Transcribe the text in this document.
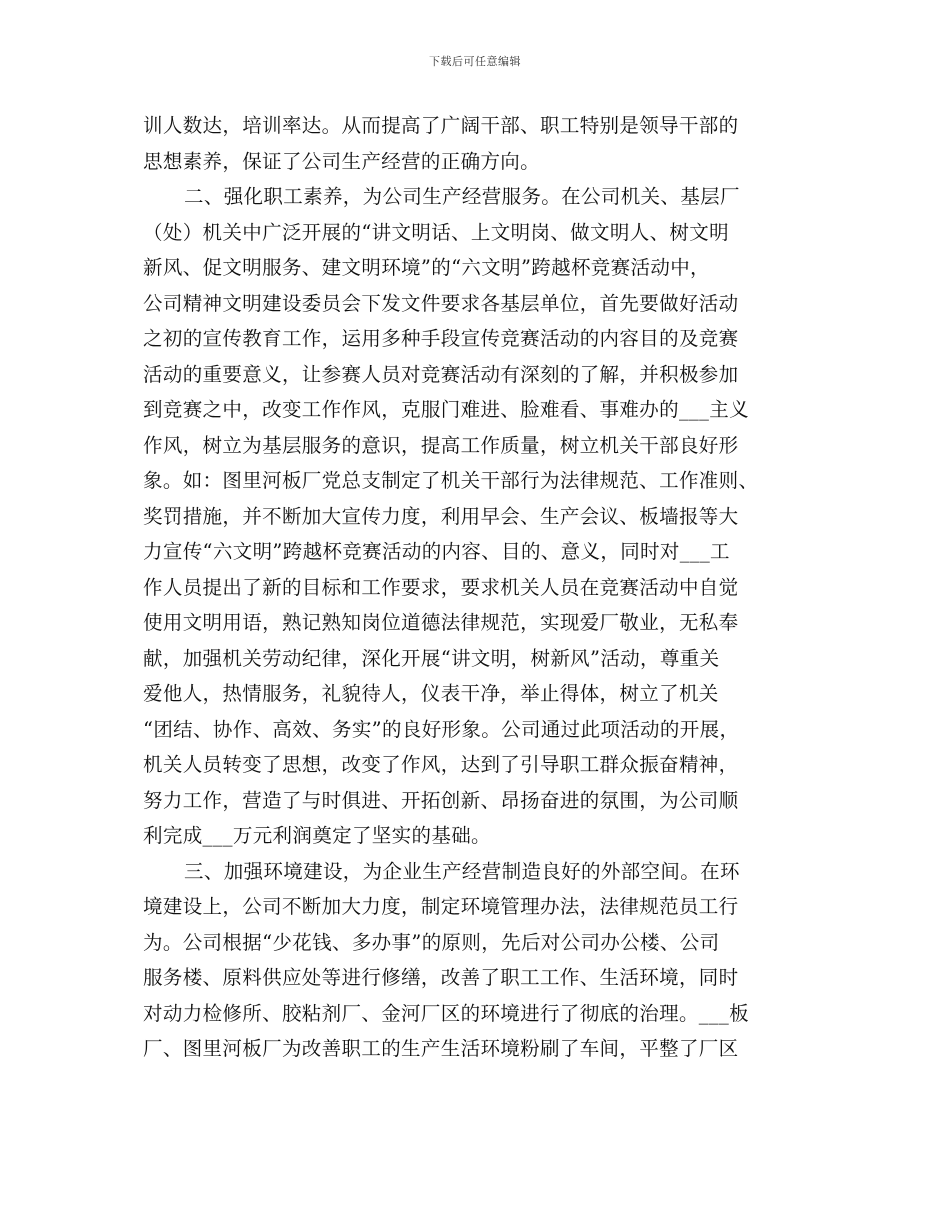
下载后可任意编辑
训人数达，培训率达。从而提高了广阔干部、职工特别是领导干部的
思想素养，保证了公司生产经营的正确方向。
二、强化职工素养，为公司生产经营服务。在公司机关、基层厂
（处）机关中广泛开展的“讲文明话、上文明岗、做文明人、树文明
新风、促文明服务、建文明环境”的“六文明”跨越杯竞赛活动中，
公司精神文明建设委员会下发文件要求各基层单位，首先要做好活动
之初的宣传教育工作，运用多种手段宣传竞赛活动的内容目的及竞赛
活动的重要意义，让参赛人员对竞赛活动有深刻的了解，并积极参加
到竞赛之中，改变工作作风，克服门难进、脸难看、事难办的___主义
作风，树立为基层服务的意识，提高工作质量，树立机关干部良好形
象。如：图里河板厂党总支制定了机关干部行为法律规范、工作准则、
奖罚措施，并不断加大宣传力度，利用早会、生产会议、板墙报等大
力宣传“六文明”跨越杯竞赛活动的内容、目的、意义，同时对___工
作人员提出了新的目标和工作要求，要求机关人员在竞赛活动中自觉
使用文明用语，熟记熟知岗位道德法律规范，实现爱厂敬业，无私奉
献，加强机关劳动纪律，深化开展“讲文明，树新风”活动，尊重关
爱他人，热情服务，礼貌待人，仪表干净，举止得体，树立了机关
“团结、协作、高效、务实”的良好形象。公司通过此项活动的开展，
机关人员转变了思想，改变了作风，达到了引导职工群众振奋精神，
努力工作，营造了与时俱进、开拓创新、昂扬奋进的氛围，为公司顺
利完成___万元利润奠定了坚实的基础。
三、加强环境建设，为企业生产经营制造良好的外部空间。在环
境建设上，公司不断加大力度，制定环境管理办法，法律规范员工行
为。公司根据“少花钱、多办事”的原则，先后对公司办公楼、公司
服务楼、原料供应处等进行修缮，改善了职工工作、生活环境，同时
对动力检修所、胶粘剂厂、金河厂区的环境进行了彻底的治理。___板
厂、图里河板厂为改善职工的生产生活环境粉刷了车间，平整了厂区
